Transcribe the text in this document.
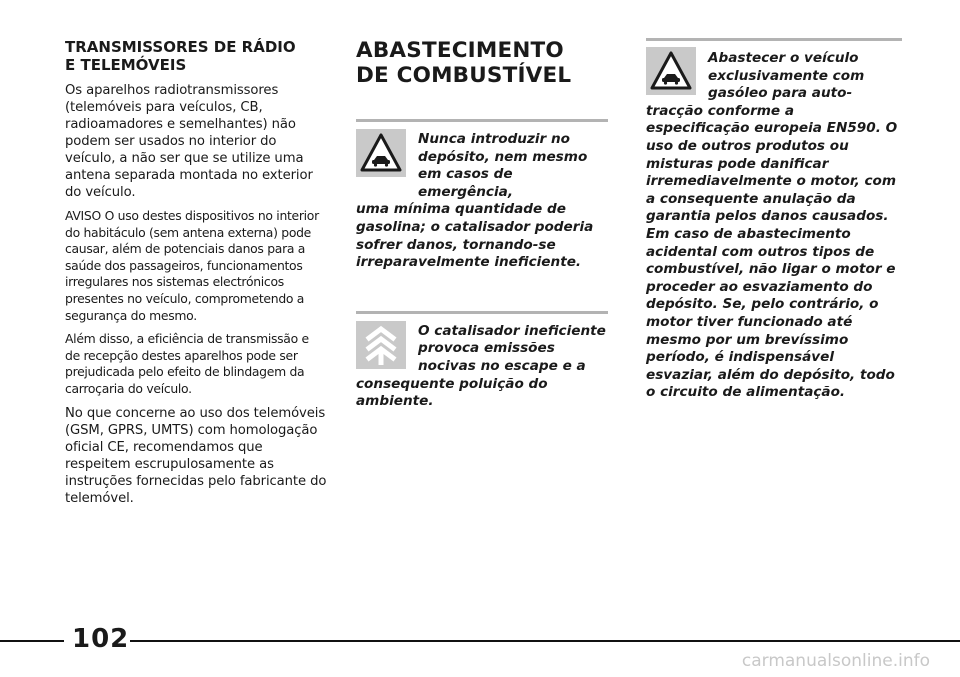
TRANSMISSORES DE RÁDIO
E TELEMÓVEIS

Os aparelhos radiotransmissores (telemóveis para veículos, CB, radioamadores e semelhantes) não podem ser usados no interior do veículo, a não ser que se utilize uma antena separada montada no exterior do veículo.

AVISO O uso destes dispositivos no interior do habitáculo (sem antena externa) pode causar, além de potenciais danos para a saúde dos passageiros, funcionamentos irregulares nos sistemas electrónicos presentes no veículo, comprometendo a segurança do mesmo.

Além disso, a eficiência de transmissão e de recepção destes aparelhos pode ser prejudicada pelo efeito de blindagem da carroçaria do veículo.

No que concerne ao uso dos telemóveis (GSM, GPRS, UMTS) com homologação oficial CE, recomendamos que respeitem escrupulosamente as instruções fornecidas pelo fabricante do telemóvel.

ABASTECIMENTO
DE COMBUSTÍVEL

Nunca introduzir no
depósito, nem mesmo
em casos de emergência,
uma mínima quantidade de gasolina; o catalisador poderia sofrer danos, tornando-se irreparavelmente ineficiente.

O catalisador ineficiente
provoca emissões
nocivas no escape e a
consequente poluição do ambiente.

Abastecer o veículo
exclusivamente com
gasóleo para auto-
tracção conforme a especificação europeia EN590. O uso de outros produtos ou misturas pode danificar irremediavelmente o motor, com a consequente anulação da garantia pelos danos causados. Em caso de abastecimento acidental com outros tipos de combustível, não ligar o motor e proceder ao esvaziamento do depósito. Se, pelo contrário, o motor tiver funcionado até mesmo por um brevíssimo período, é indispensável esvaziar, além do depósito, todo o circuito de alimentação.

102
carmanualsonline.info
